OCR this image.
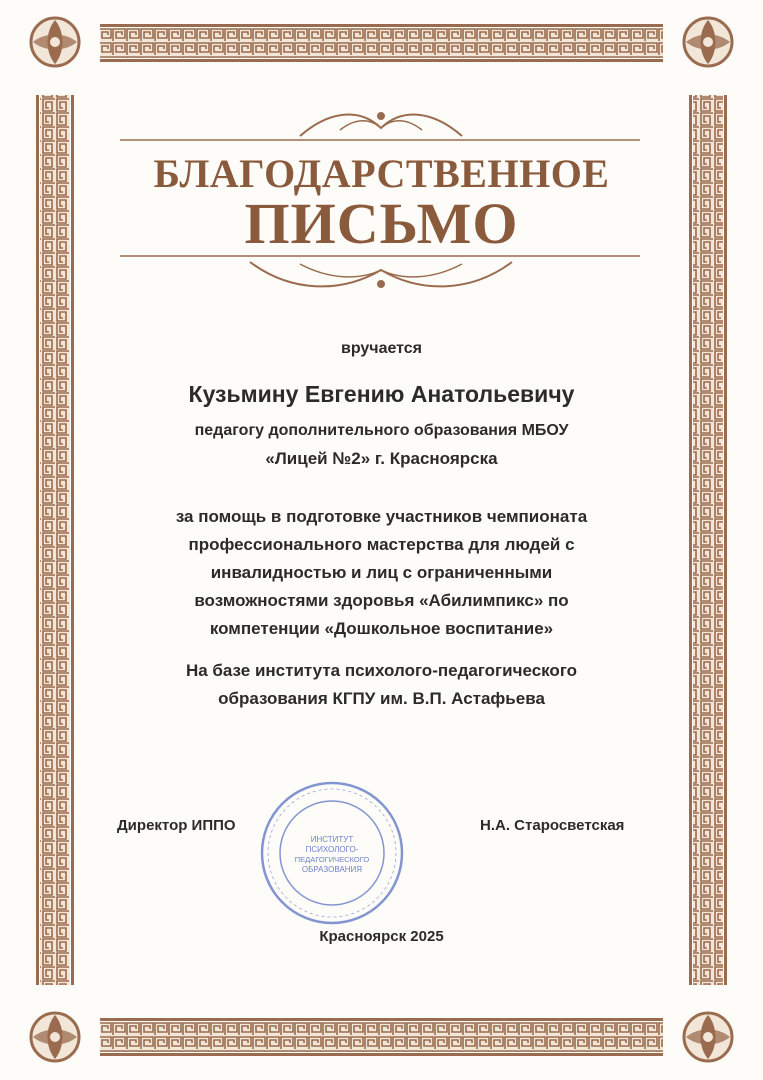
БЛАГОДАРСТВЕННОЕ
ПИСЬМО
вручается
Кузьмину Евгению Анатольевичу
педагогу дополнительного образования МБОУ
«Лицей №2» г. Красноярска
за помощь в подготовке участников чемпионата
профессионального мастерства для людей с
инвалидностью и лиц с ограниченными
возможностями здоровья «Абилимпикс» по
компетенции «Дошкольное воспитание»
На базе института психолого-педагогического
образования КГПУ им. В.П. Астафьева
Директор ИППО	Н.А. Старосветская
Красноярск 2025
ИНСТИТУТ
ПСИХОЛОГО-
ПЕДАГОГИЧЕСКОГО
ОБРАЗОВАНИЯ
